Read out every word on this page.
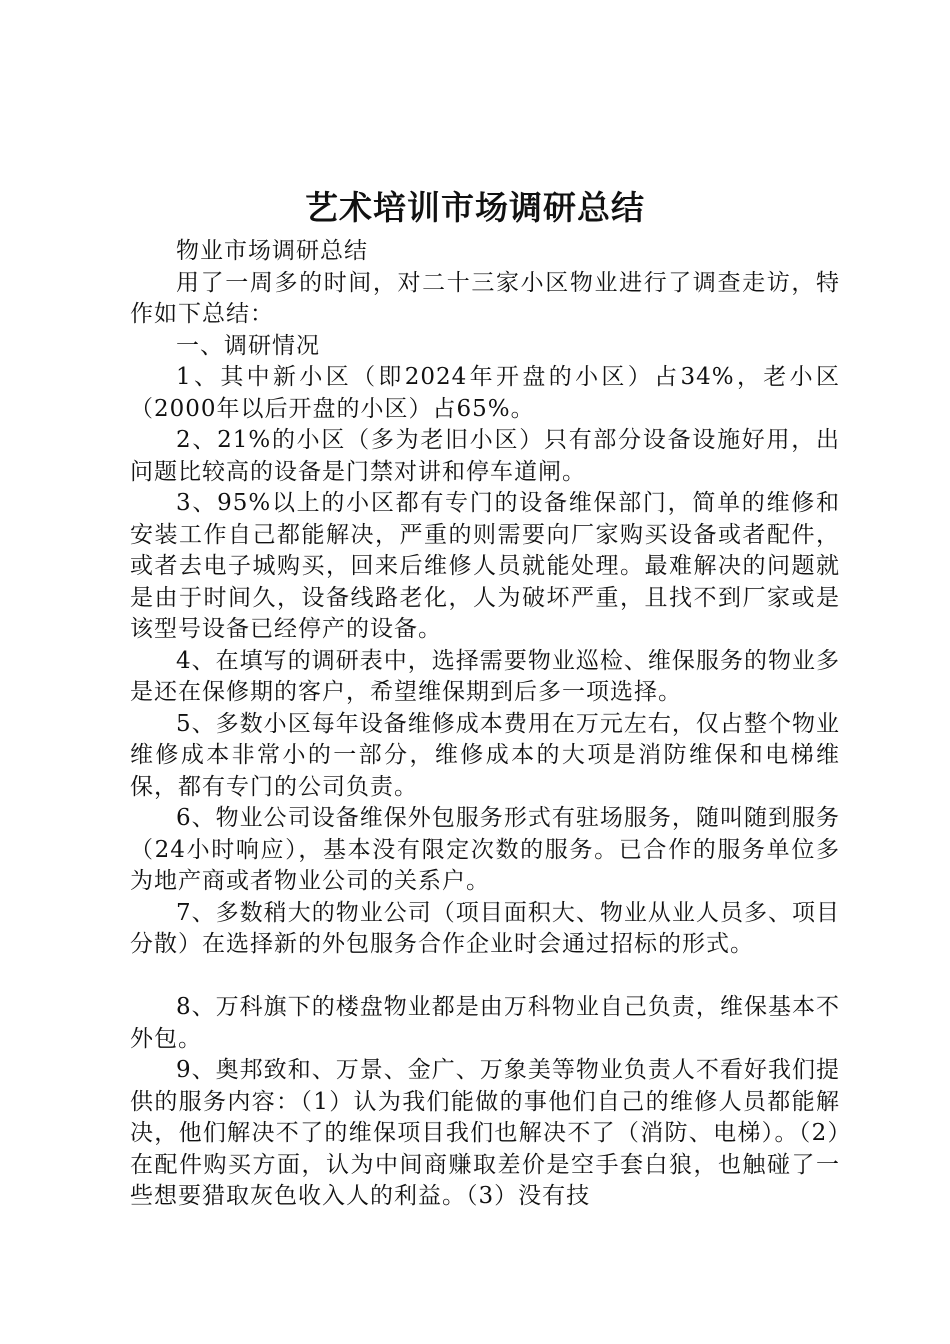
艺术培训市场调研总结

物业市场调研总结

用了一周多的时间，对二十三家小区物业进行了调查走访，特作如下总结：

一、调研情况

1、其中新小区（即2024年开盘的小区）占34%，老小区（2000年以后开盘的小区）占65%。

2、21%的小区（多为老旧小区）只有部分设备设施好用，出问题比较高的设备是门禁对讲和停车道闸。

3、95%以上的小区都有专门的设备维保部门，简单的维修和安装工作自己都能解决，严重的则需要向厂家购买设备或者配件，或者去电子城购买，回来后维修人员就能处理。最难解决的问题就是由于时间久，设备线路老化，人为破坏严重，且找不到厂家或是该型号设备已经停产的设备。

4、在填写的调研表中，选择需要物业巡检、维保服务的物业多是还在保修期的客户，希望维保期到后多一项选择。

5、多数小区每年设备维修成本费用在万元左右，仅占整个物业维修成本非常小的一部分，维修成本的大项是消防维保和电梯维保，都有专门的公司负责。

6、物业公司设备维保外包服务形式有驻场服务，随叫随到服务（24小时响应），基本没有限定次数的服务。已合作的服务单位多为地产商或者物业公司的关系户。

7、多数稍大的物业公司（项目面积大、物业从业人员多、项目分散）在选择新的外包服务合作企业时会通过招标的形式。

8、万科旗下的楼盘物业都是由万科物业自己负责，维保基本不外包。

9、奥邦致和、万景、金广、万象美等物业负责人不看好我们提供的服务内容：（1）认为我们能做的事他们自己的维修人员都能解决，他们解决不了的维保项目我们也解决不了（消防、电梯）。（2）在配件购买方面，认为中间商赚取差价是空手套白狼，也触碰了一些想要猎取灰色收入人的利益。（3）没有技
